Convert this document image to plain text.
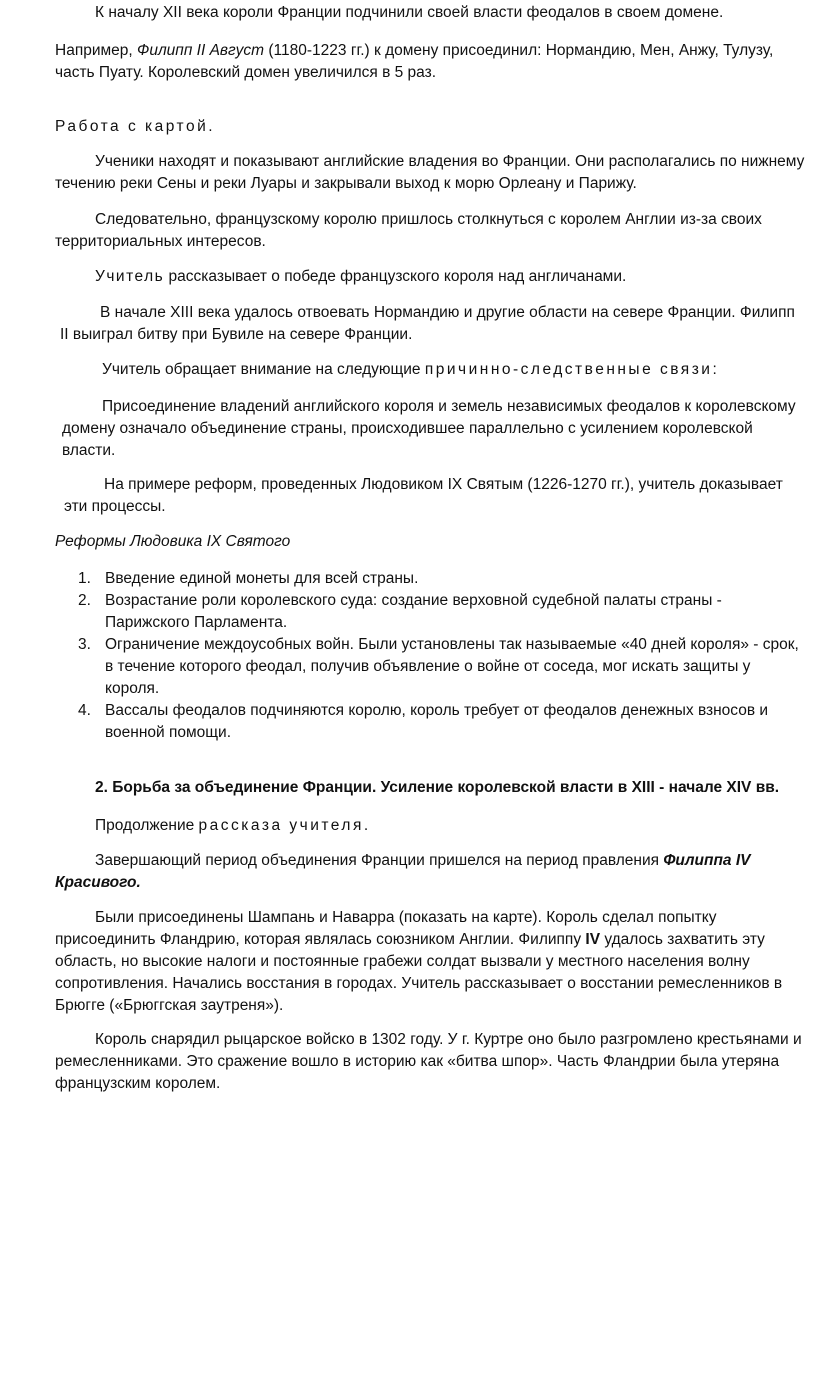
К началу XII века короли Франции подчинили своей власти феодалов в своем домене.

Например, Филипп II Август (1180-1223 гг.) к домену присоединил: Нормандию, Мен, Анжу, Тулузу, часть Пуату. Королевский домен увеличился в 5 раз.

Работа с картой.

Ученики находят и показывают английские владения во Франции. Они располагались по нижнему течению реки Сены и реки Луары и закрывали выход к морю Орлеану и Парижу.

Следовательно, французскому королю пришлось столкнуться с королем Англии из-за своих территориальных интересов.

Учитель рассказывает о победе французского короля над англичанами.

В начале XIII века удалось отвоевать Нормандию и другие области на севере Франции. Филипп II выиграл битву при Бувиле на севере Франции.

Учитель обращает внимание на следующие причинно-следственные связи:

Присоединение владений английского короля и земель независимых феодалов к королевскому домену означало объединение страны, происходившее параллельно с усилением королевской власти.

На примере реформ, проведенных Людовиком IX Святым (1226-1270 гг.), учитель доказывает эти процессы.

Реформы Людовика IX Святого

1. Введение единой монеты для всей страны.
2. Возрастание роли королевского суда: создание верховной судебной палаты страны - Парижского Парламента.
3. Ограничение междоусобных войн. Были установлены так называемые «40 дней короля» - срок, в течение которого феодал, получив объявление о войне от соседа, мог искать защиты у короля.
4. Вассалы феодалов подчиняются королю, король требует от феодалов денежных взносов и военной помощи.

2. Борьба за объединение Франции. Усиление королевской власти в XIII - начале XIV вв.

Продолжение рассказа учителя.

Завершающий период объединения Франции пришелся на период правления Филиппа IV Красивого.

Были присоединены Шампань и Наварра (показать на карте). Король сделал попытку присоединить Фландрию, которая являлась союзником Англии. Филиппу IV удалось захватить эту область, но высокие налоги и постоянные грабежи солдат вызвали у местного населения волну сопротивления. Начались восстания в городах. Учитель рассказывает о восстании ремесленников в Брюгге («Брюггская заутреня»).

Король снарядил рыцарское войско в 1302 году. У г. Куртре оно было разгромлено крестьянами и ремесленниками. Это сражение вошло в историю как «битва шпор». Часть Фландрии была утеряна французским королем.
